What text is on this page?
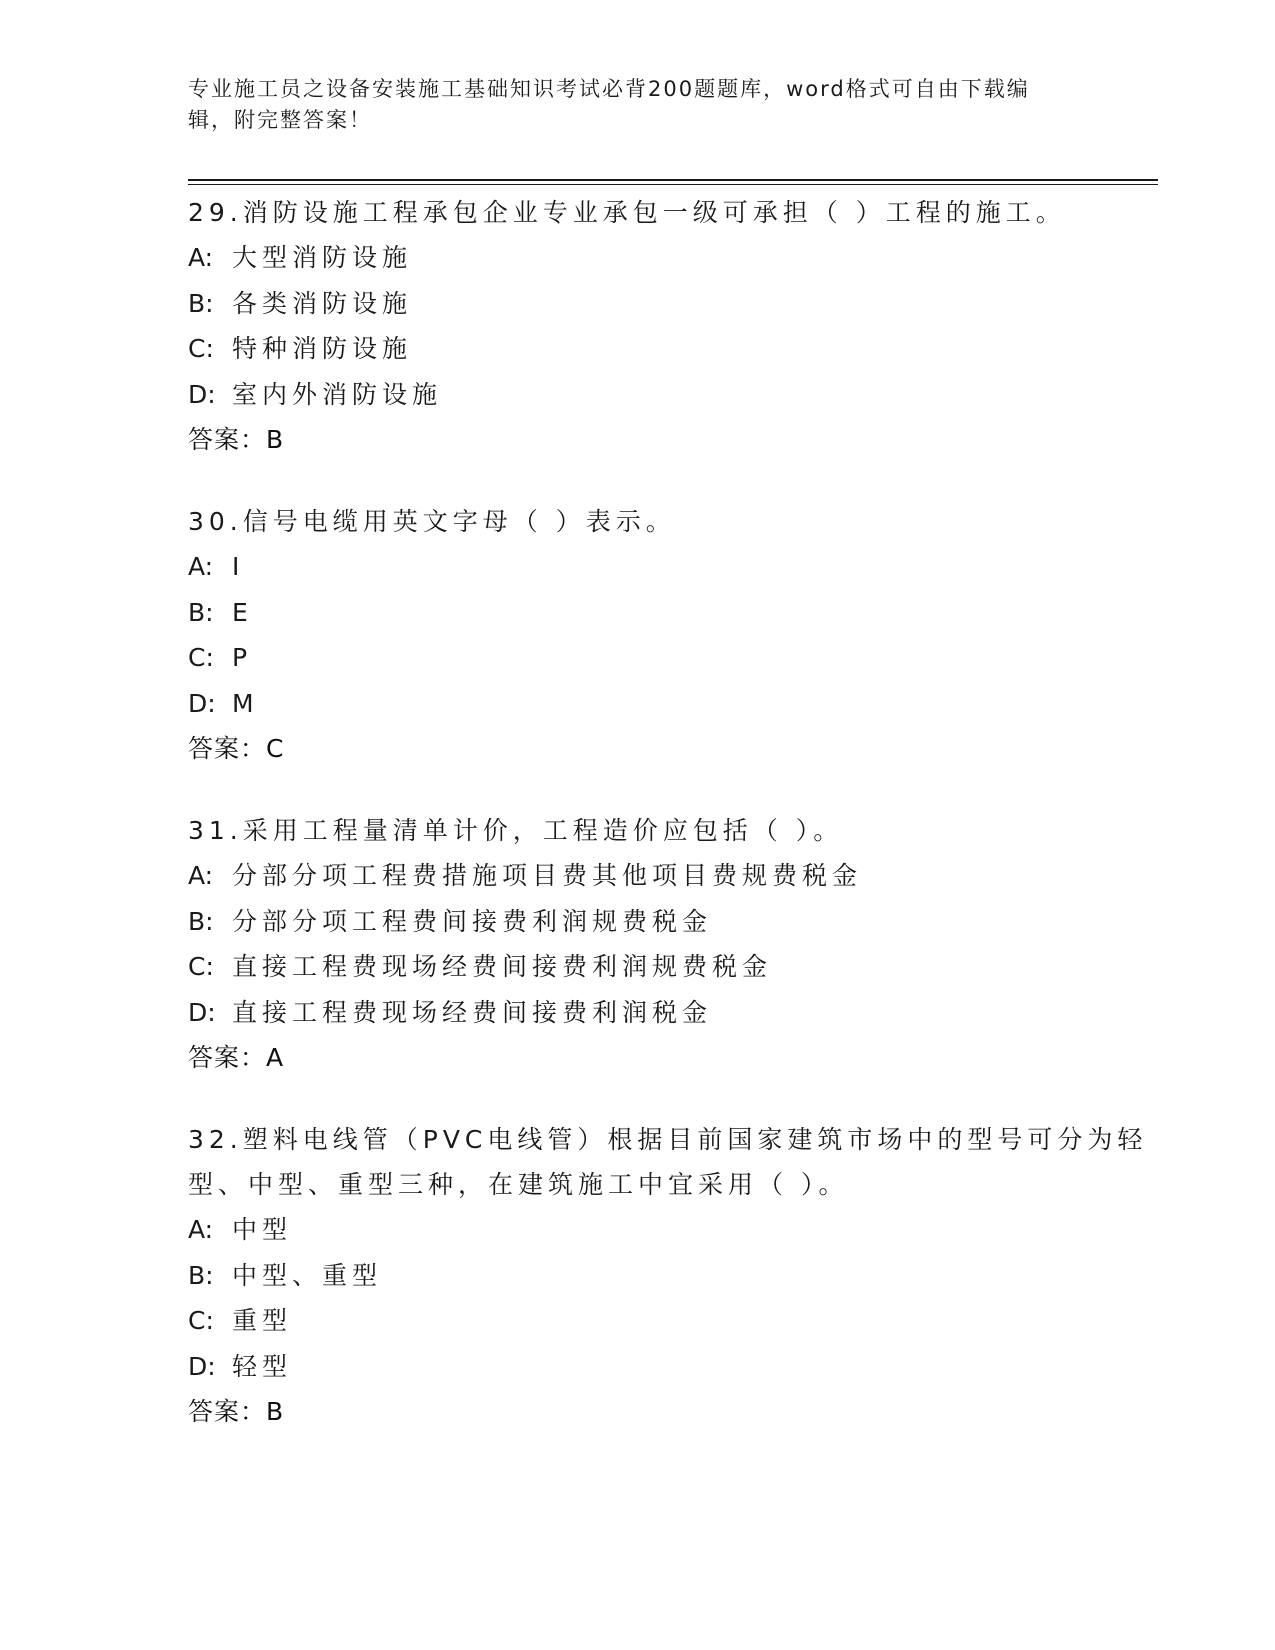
专业施工员之设备安装施工基础知识考试必背200题题库，word格式可自由下载编辑，附完整答案！

29.消防设施工程承包企业专业承包一级可承担（ ）工程的施工。

A: 大型消防设施

B: 各类消防设施

C: 特种消防设施

D: 室内外消防设施

答案：B

30.信号电缆用英文字母（ ）表示。

A: I

B: E

C: P

D: M

答案：C

31.采用工程量清单计价，工程造价应包括（ ）。

A: 分部分项工程费措施项目费其他项目费规费税金

B: 分部分项工程费间接费利润规费税金

C: 直接工程费现场经费间接费利润规费税金

D: 直接工程费现场经费间接费利润税金

答案：A

32.塑料电线管（PVC电线管）根据目前国家建筑市场中的型号可分为轻型、中型、重型三种，在建筑施工中宜采用（ ）。

A: 中型

B: 中型、重型

C: 重型

D: 轻型

答案：B
